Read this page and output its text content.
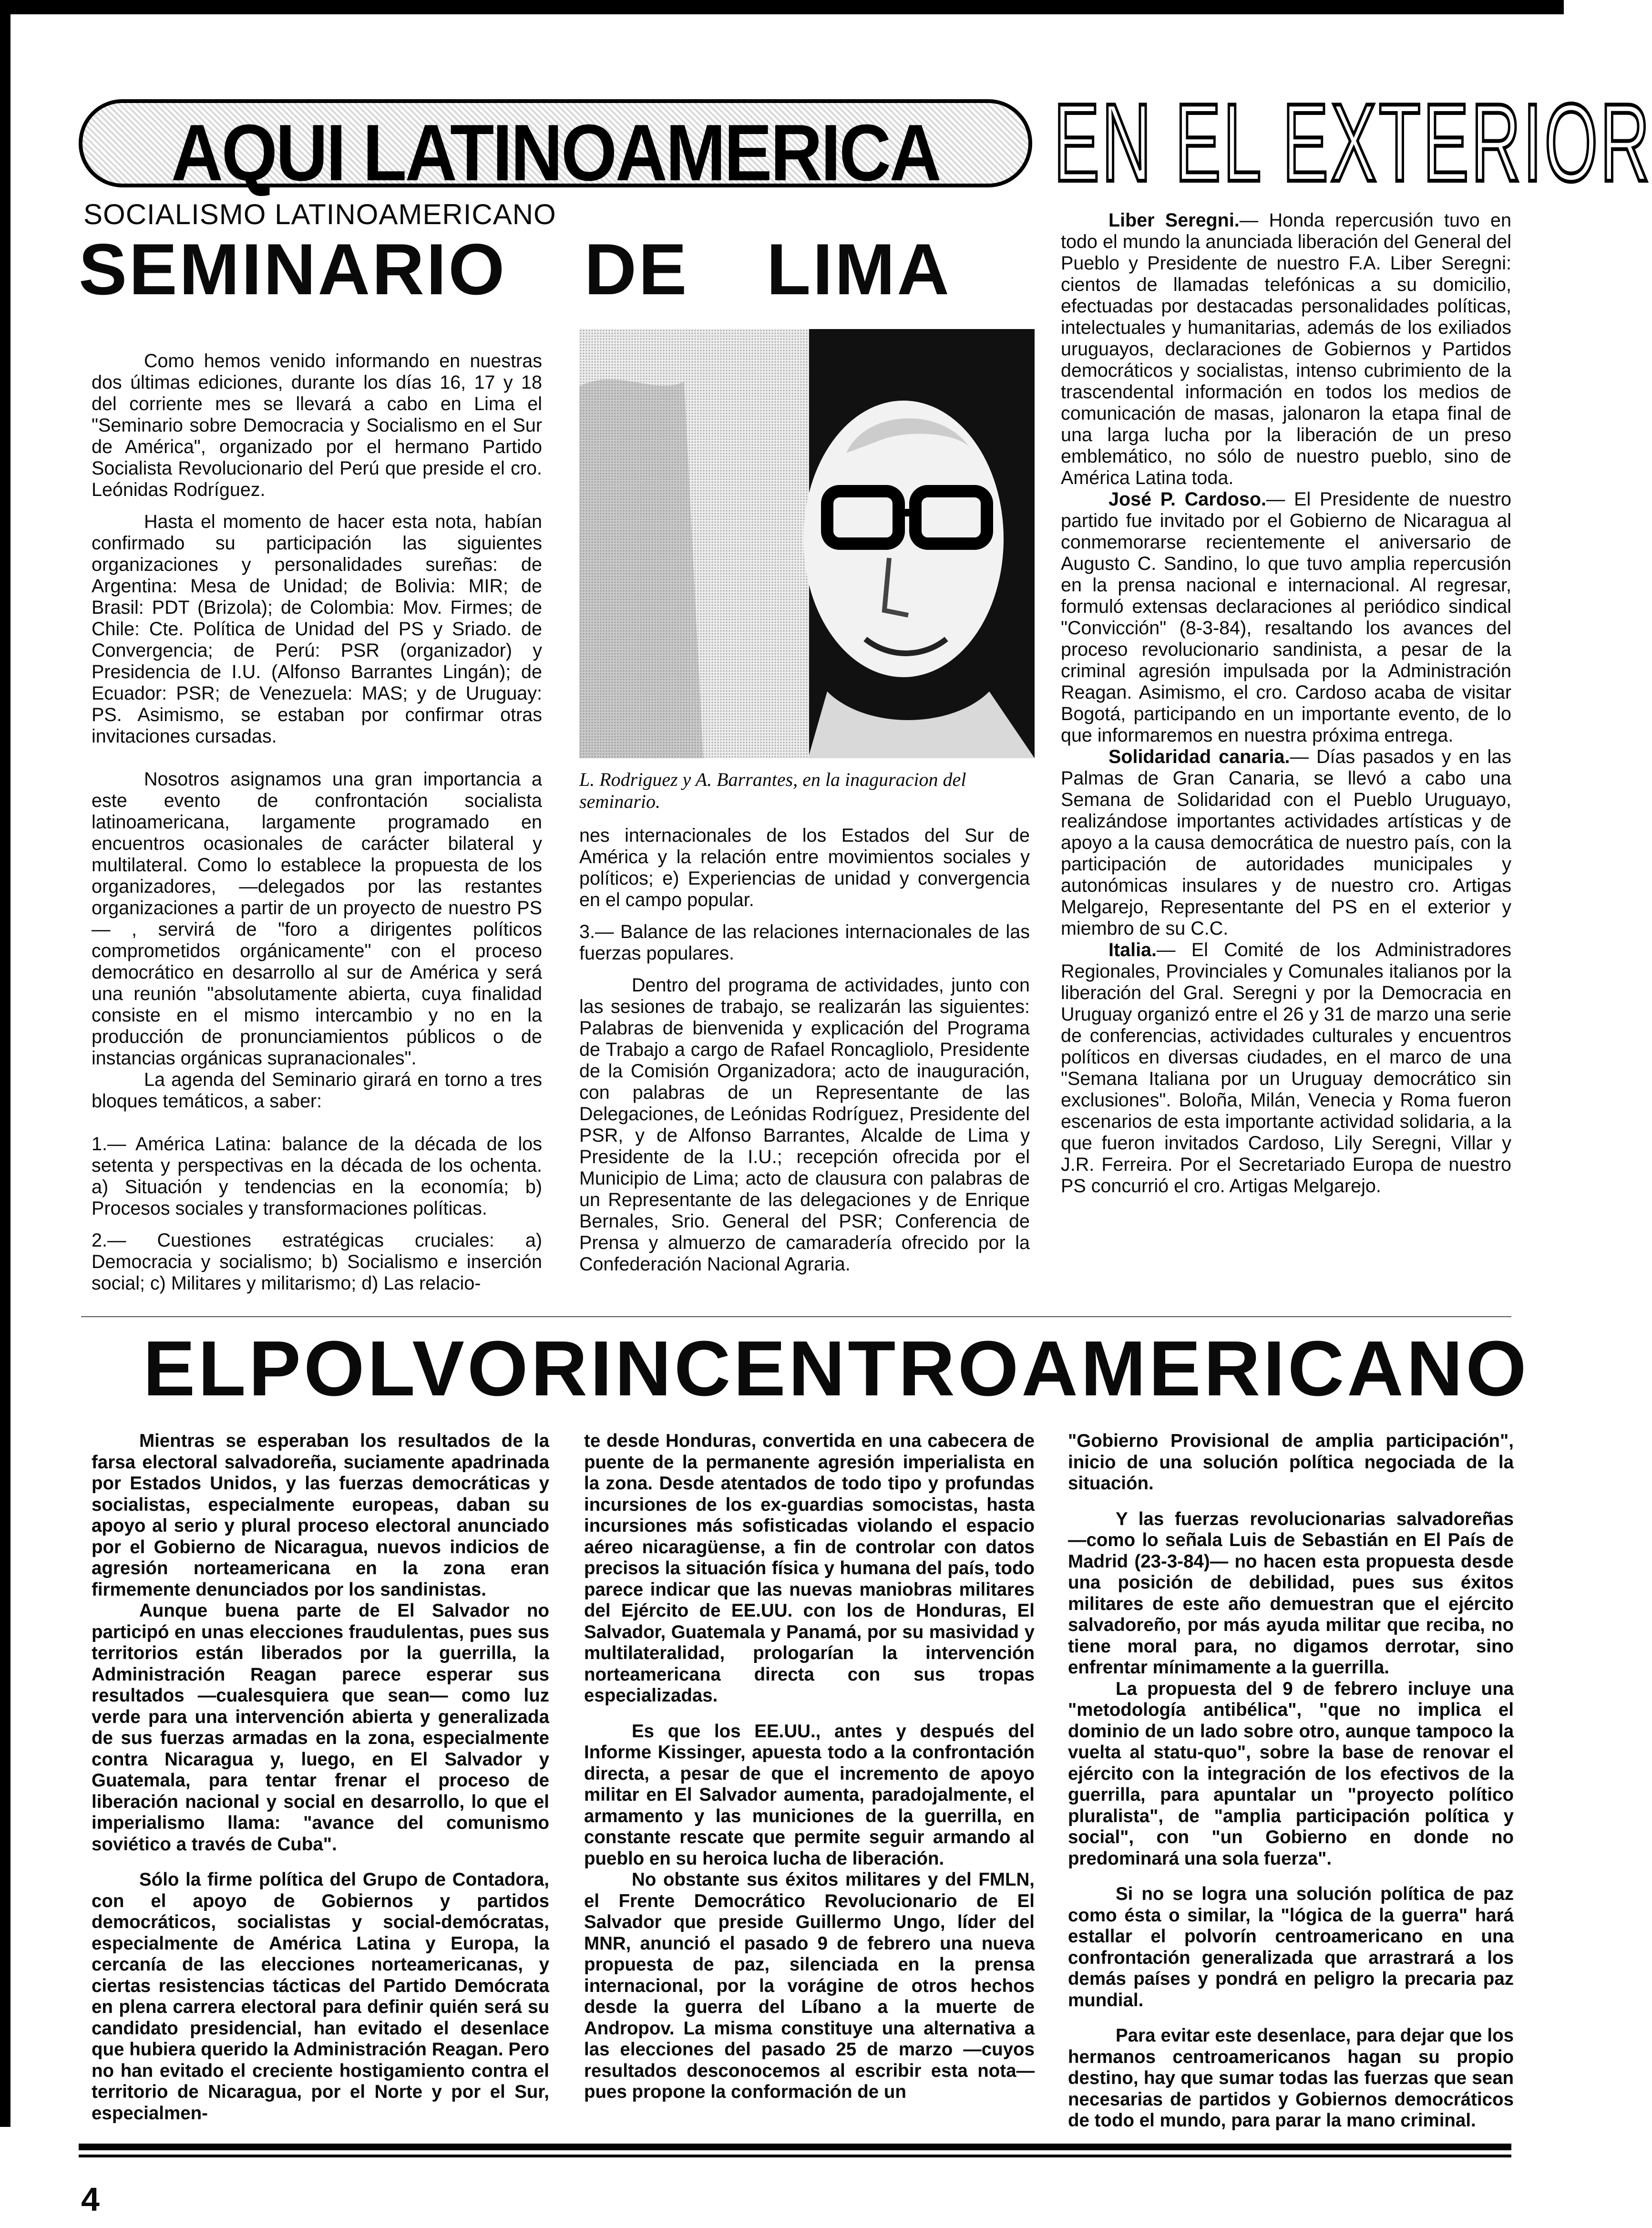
AQUI LATINOAMERICA	EN EL EXTERIOR
SOCIALISMO LATINOAMERICANO
SEMINARIO DE LIMA

Como hemos venido informando en nuestras dos últimas ediciones, durante los días 16, 17 y 18 del corriente mes se llevará a cabo en Lima el "Seminario sobre Democracia y Socialismo en el Sur de América", organizado por el hermano Partido Socialista Revolucionario del Perú que preside el cro. Leónidas Rodríguez.

Hasta el momento de hacer esta nota, habían confirmado su participación las siguientes organizaciones y personalidades sureñas: de Argentina: Mesa de Unidad; de Bolivia: MIR; de Brasil: PDT (Brizola); de Colombia: Mov. Firmes; de Chile: Cte. Política de Unidad del PS y Sriado. de Convergencia; de Perú: PSR (organizador) y Presidencia de I.U. (Alfonso Barrantes Lingán); de Ecuador: PSR; de Venezuela: MAS; y de Uruguay: PS. Asimismo, se estaban por confirmar otras invitaciones cursadas.

Nosotros asignamos una gran importancia a este evento de confrontación socialista latinoamericana, largamente programado en encuentros ocasionales de carácter bilateral y multilateral. Como lo establece la propuesta de los organizadores, —delegados por las restantes organizaciones a partir de un proyecto de nuestro PS— , servirá de "foro a dirigentes políticos comprometidos orgánicamente" con el proceso democrático en desarrollo al sur de América y será una reunión "absolutamente abierta, cuya finalidad consiste en el mismo intercambio y no en la producción de pronunciamientos públicos o de instancias orgánicas supranacionales".

La agenda del Seminario girará en torno a tres bloques temáticos, a saber:

1.— América Latina: balance de la década de los setenta y perspectivas en la década de los ochenta. a) Situación y tendencias en la economía; b) Procesos sociales y transformaciones políticas.

2.— Cuestiones estratégicas cruciales: a) Democracia y socialismo; b) Socialismo e inserción social; c) Militares y militarismo; d) Las relacio-

L. Rodriguez y A. Barrantes, en la inaguracion del seminario.

nes internacionales de los Estados del Sur de América y la relación entre movimientos sociales y políticos; e) Experiencias de unidad y convergencia en el campo popular.

3.— Balance de las relaciones internacionales de las fuerzas populares.

Dentro del programa de actividades, junto con las sesiones de trabajo, se realizarán las siguientes: Palabras de bienvenida y explicación del Programa de Trabajo a cargo de Rafael Roncagliolo, Presidente de la Comisión Organizadora; acto de inauguración, con palabras de un Representante de las Delegaciones, de Leónidas Rodríguez, Presidente del PSR, y de Alfonso Barrantes, Alcalde de Lima y Presidente de la I.U.; recepción ofrecida por el Municipio de Lima; acto de clausura con palabras de un Representante de las delegaciones y de Enrique Bernales, Srio. General del PSR; Conferencia de Prensa y almuerzo de camaradería ofrecido por la Confederación Nacional Agraria.

Liber Seregni.— Honda repercusión tuvo en todo el mundo la anunciada liberación del General del Pueblo y Presidente de nuestro F.A. Liber Seregni: cientos de llamadas telefónicas a su domicilio, efectuadas por destacadas personalidades políticas, intelectuales y humanitarias, además de los exiliados uruguayos, declaraciones de Gobiernos y Partidos democráticos y socialistas, intenso cubrimiento de la trascendental información en todos los medios de comunicación de masas, jalonaron la etapa final de una larga lucha por la liberación de un preso emblemático, no sólo de nuestro pueblo, sino de América Latina toda.

José P. Cardoso.— El Presidente de nuestro partido fue invitado por el Gobierno de Nicaragua al conmemorarse recientemente el aniversario de Augusto C. Sandino, lo que tuvo amplia repercusión en la prensa nacional e internacional. Al regresar, formuló extensas declaraciones al periódico sindical "Convicción" (8-3-84), resaltando los avances del proceso revolucionario sandinista, a pesar de la criminal agresión impulsada por la Administración Reagan. Asimismo, el cro. Cardoso acaba de visitar Bogotá, participando en un importante evento, de lo que informaremos en nuestra próxima entrega.

Solidaridad canaria.— Días pasados y en las Palmas de Gran Canaria, se llevó a cabo una Semana de Solidaridad con el Pueblo Uruguayo, realizándose importantes actividades artísticas y de apoyo a la causa democrática de nuestro país, con la participación de autoridades municipales y autonómicas insulares y de nuestro cro. Artigas Melgarejo, Representante del PS en el exterior y miembro de su C.C.

Italia.— El Comité de los Administradores Regionales, Provinciales y Comunales italianos por la liberación del Gral. Seregni y por la Democracia en Uruguay organizó entre el 26 y 31 de marzo una serie de conferencias, actividades culturales y encuentros políticos en diversas ciudades, en el marco de una "Semana Italiana por un Uruguay democrático sin exclusiones". Boloña, Milán, Venecia y Roma fueron escenarios de esta importante actividad solidaria, a la que fueron invitados Cardoso, Lily Seregni, Villar y J.R. Ferreira. Por el Secretariado Europa de nuestro PS concurrió el cro. Artigas Melgarejo.

EL POLVORIN CENTROAMERICANO

Mientras se esperaban los resultados de la farsa electoral salvadoreña, suciamente apadrinada por Estados Unidos, y las fuerzas democráticas y socialistas, especialmente europeas, daban su apoyo al serio y plural proceso electoral anunciado por el Gobierno de Nicaragua, nuevos indicios de agresión norteamericana en la zona eran firmemente denunciados por los sandinistas.

Aunque buena parte de El Salvador no participó en unas elecciones fraudulentas, pues sus territorios están liberados por la guerrilla, la Administración Reagan parece esperar sus resultados —cualesquiera que sean— como luz verde para una intervención abierta y generalizada de sus fuerzas armadas en la zona, especialmente contra Nicaragua y, luego, en El Salvador y Guatemala, para tentar frenar el proceso de liberación nacional y social en desarrollo, lo que el imperialismo llama: "avance del comunismo soviético a través de Cuba".

Sólo la firme política del Grupo de Contadora, con el apoyo de Gobiernos y partidos democráticos, socialistas y social-demócratas, especialmente de América Latina y Europa, la cercanía de las elecciones norteamericanas, y ciertas resistencias tácticas del Partido Demócrata en plena carrera electoral para definir quién será su candidato presidencial, han evitado el desenlace que hubiera querido la Administración Reagan. Pero no han evitado el creciente hostigamiento contra el territorio de Nicaragua, por el Norte y por el Sur, especialmen-

te desde Honduras, convertida en una cabecera de puente de la permanente agresión imperialista en la zona. Desde atentados de todo tipo y profundas incursiones de los ex-guardias somocistas, hasta incursiones más sofisticadas violando el espacio aéreo nicaragüense, a fin de controlar con datos precisos la situación física y humana del país, todo parece indicar que las nuevas maniobras militares del Ejército de EE.UU. con los de Honduras, El Salvador, Guatemala y Panamá, por su masividad y multilateralidad, prologarían la intervención norteamericana directa con sus tropas especializadas.

Es que los EE.UU., antes y después del Informe Kissinger, apuesta todo a la confrontación directa, a pesar de que el incremento de apoyo militar en El Salvador aumenta, paradojalmente, el armamento y las municiones de la guerrilla, en constante rescate que permite seguir armando al pueblo en su heroica lucha de liberación.

No obstante sus éxitos militares y del FMLN, el Frente Democrático Revolucionario de El Salvador que preside Guillermo Ungo, líder del MNR, anunció el pasado 9 de febrero una nueva propuesta de paz, silenciada en la prensa internacional, por la vorágine de otros hechos desde la guerra del Líbano a la muerte de Andropov. La misma constituye una alternativa a las elecciones del pasado 25 de marzo —cuyos resultados desconocemos al escribir esta nota— pues propone la conformación de un

"Gobierno Provisional de amplia participación", inicio de una solución política negociada de la situación.

Y las fuerzas revolucionarias salvadoreñas —como lo señala Luis de Sebastián en El País de Madrid (23-3-84)— no hacen esta propuesta desde una posición de debilidad, pues sus éxitos militares de este año demuestran que el ejército salvadoreño, por más ayuda militar que reciba, no tiene moral para, no digamos derrotar, sino enfrentar mínimamente a la guerrilla.

La propuesta del 9 de febrero incluye una "metodología antibélica", "que no implica el dominio de un lado sobre otro, aunque tampoco la vuelta al statu-quo", sobre la base de renovar el ejército con la integración de los efectivos de la guerrilla, para apuntalar un "proyecto político pluralista", de "amplia participación política y social", con "un Gobierno en donde no predominará una sola fuerza".

Si no se logra una solución política de paz como ésta o similar, la "lógica de la guerra" hará estallar el polvorín centroamericano en una confrontación generalizada que arrastrará a los demás países y pondrá en peligro la precaria paz mundial.

Para evitar este desenlace, para dejar que los hermanos centroamericanos hagan su propio destino, hay que sumar todas las fuerzas que sean necesarias de partidos y Gobiernos democráticos de todo el mundo, para parar la mano criminal.

4
